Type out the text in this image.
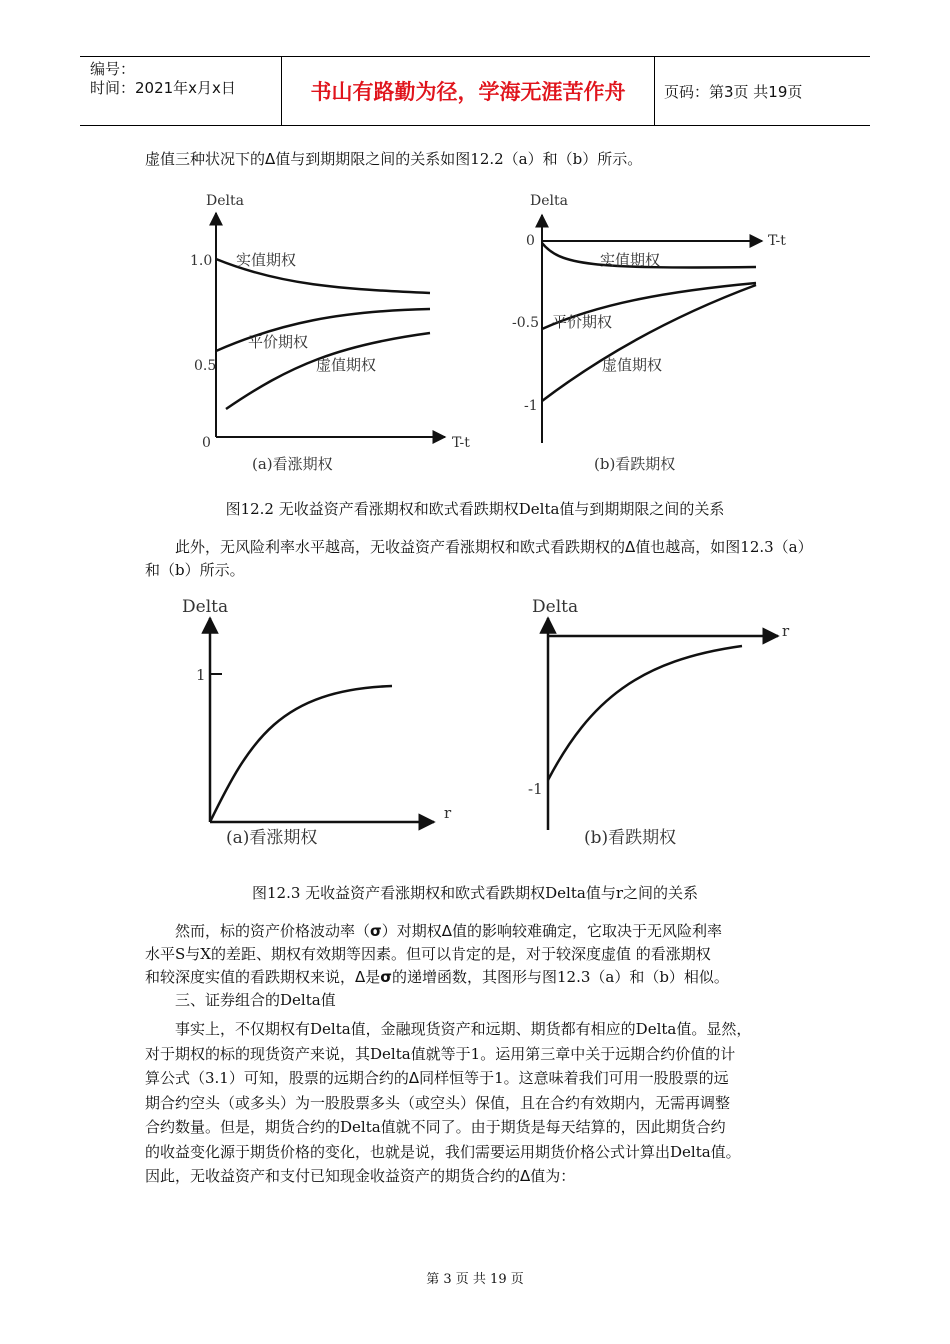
编号：
时间：2021年x月x日	书山有路勤为径，学海无涯苦作舟	页码：第3页 共19页
虚值三种状况下的Δ值与到期期限之间的关系如图12.2（a）和（b）所示。
Delta
1.0
0.5
0	T-t
实值期权
平价期权
虚值期权
(a)看涨期权
Delta
0
-0.5
-1
T-t
实值期权
平价期权
虚值期权
(b)看跌期权
图12.2 无收益资产看涨期权和欧式看跌期权Delta值与到期期限之间的关系
此外，无风险利率水平越高，无收益资产看涨期权和欧式看跌期权的Δ值也越高，如图12.3（a）和（b）所示。
Delta
1
r
(a)看涨期权
Delta
-1
r
(b)看跌期权
图12.3 无收益资产看涨期权和欧式看跌期权Delta值与r之间的关系
然而，标的资产价格波动率（σ）对期权Δ值的影响较难确定，它取决于无风险利率
水平S与X的差距、期权有效期等因素。但可以肯定的是，对于较深度虚值 的看涨期权
和较深度实值的看跌期权来说，Δ是σ的递增函数，其图形与图12.3（a）和（b）相似。
三、证券组合的Delta值
事实上，不仅期权有Delta值，金融现货资产和远期、期货都有相应的Delta值。显然，
对于期权的标的现货资产来说，其Delta值就等于1。运用第三章中关于远期合约价值的计
算公式（3.1）可知，股票的远期合约的Δ同样恒等于1。这意味着我们可用一股股票的远
期合约空头（或多头）为一股股票多头（或空头）保值，且在合约有效期内，无需再调整
合约数量。但是，期货合约的Delta值就不同了。由于期货是每天结算的，因此期货合约
的收益变化源于期货价格的变化，也就是说，我们需要运用期货价格公式计算出Delta值。
因此，无收益资产和支付已知现金收益资产的期货合约的Δ值为：
第 3 页 共 19 页
